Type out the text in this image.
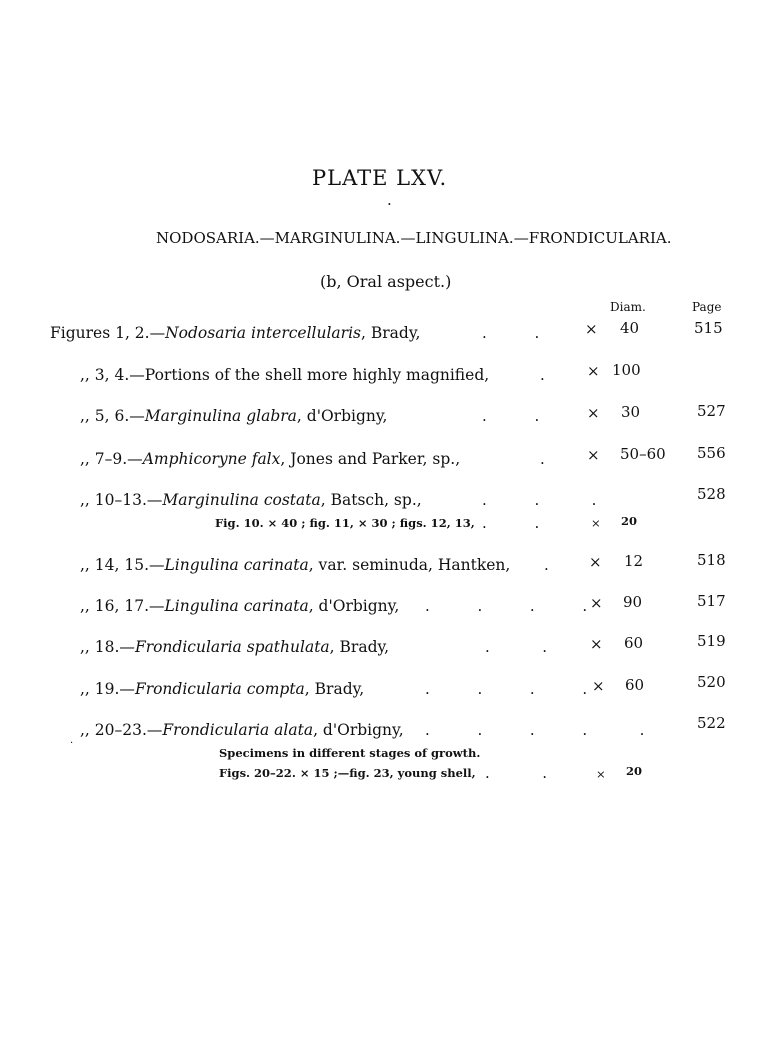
PLATE LXV.
·
NODOSARIA.—MARGINULINA.—LINGULINA.—FRONDICULARIA.
(b, Oral aspect.)
Diam.	Page
Figures 1, 2.—Nodosaria intercellularis, Brady,	.          .	× 40	515
,, 3, 4.—Portions of the shell more highly magnified,	.	× 100
,, 5, 6.—Marginulina glabra, d'Orbigny,	.          .	× 30	527
,, 7–9.—Amphicoryne falx, Jones and Parker, sp.,	.	× 50–60 556
,, 10–13.—Marginulina costata, Batsch, sp.,	.          .           .	528
Fig. 10. × 40 ; fig. 11, × 30 ; figs. 12, 13, .          .	× 20
,, 14, 15.—Lingulina carinata, var. seminuda, Hantken, .	× 12	518
,, 16, 17.—Lingulina carinata, d'Orbigny, .          .          .          . × 90	517
,, 18.—Frondicularia spathulata, Brady,	.           .	× 60	519
,, 19.—Frondicularia compta, Brady,	.          .          .          . × 60	520
,, 20–23.—Frondicularia alata, d'Orbigny, .          .          .          .           .	522
·
Specimens in different stages of growth.
Figs. 20–22. × 15 ;—fig. 23, young shell, .           .	× 20
